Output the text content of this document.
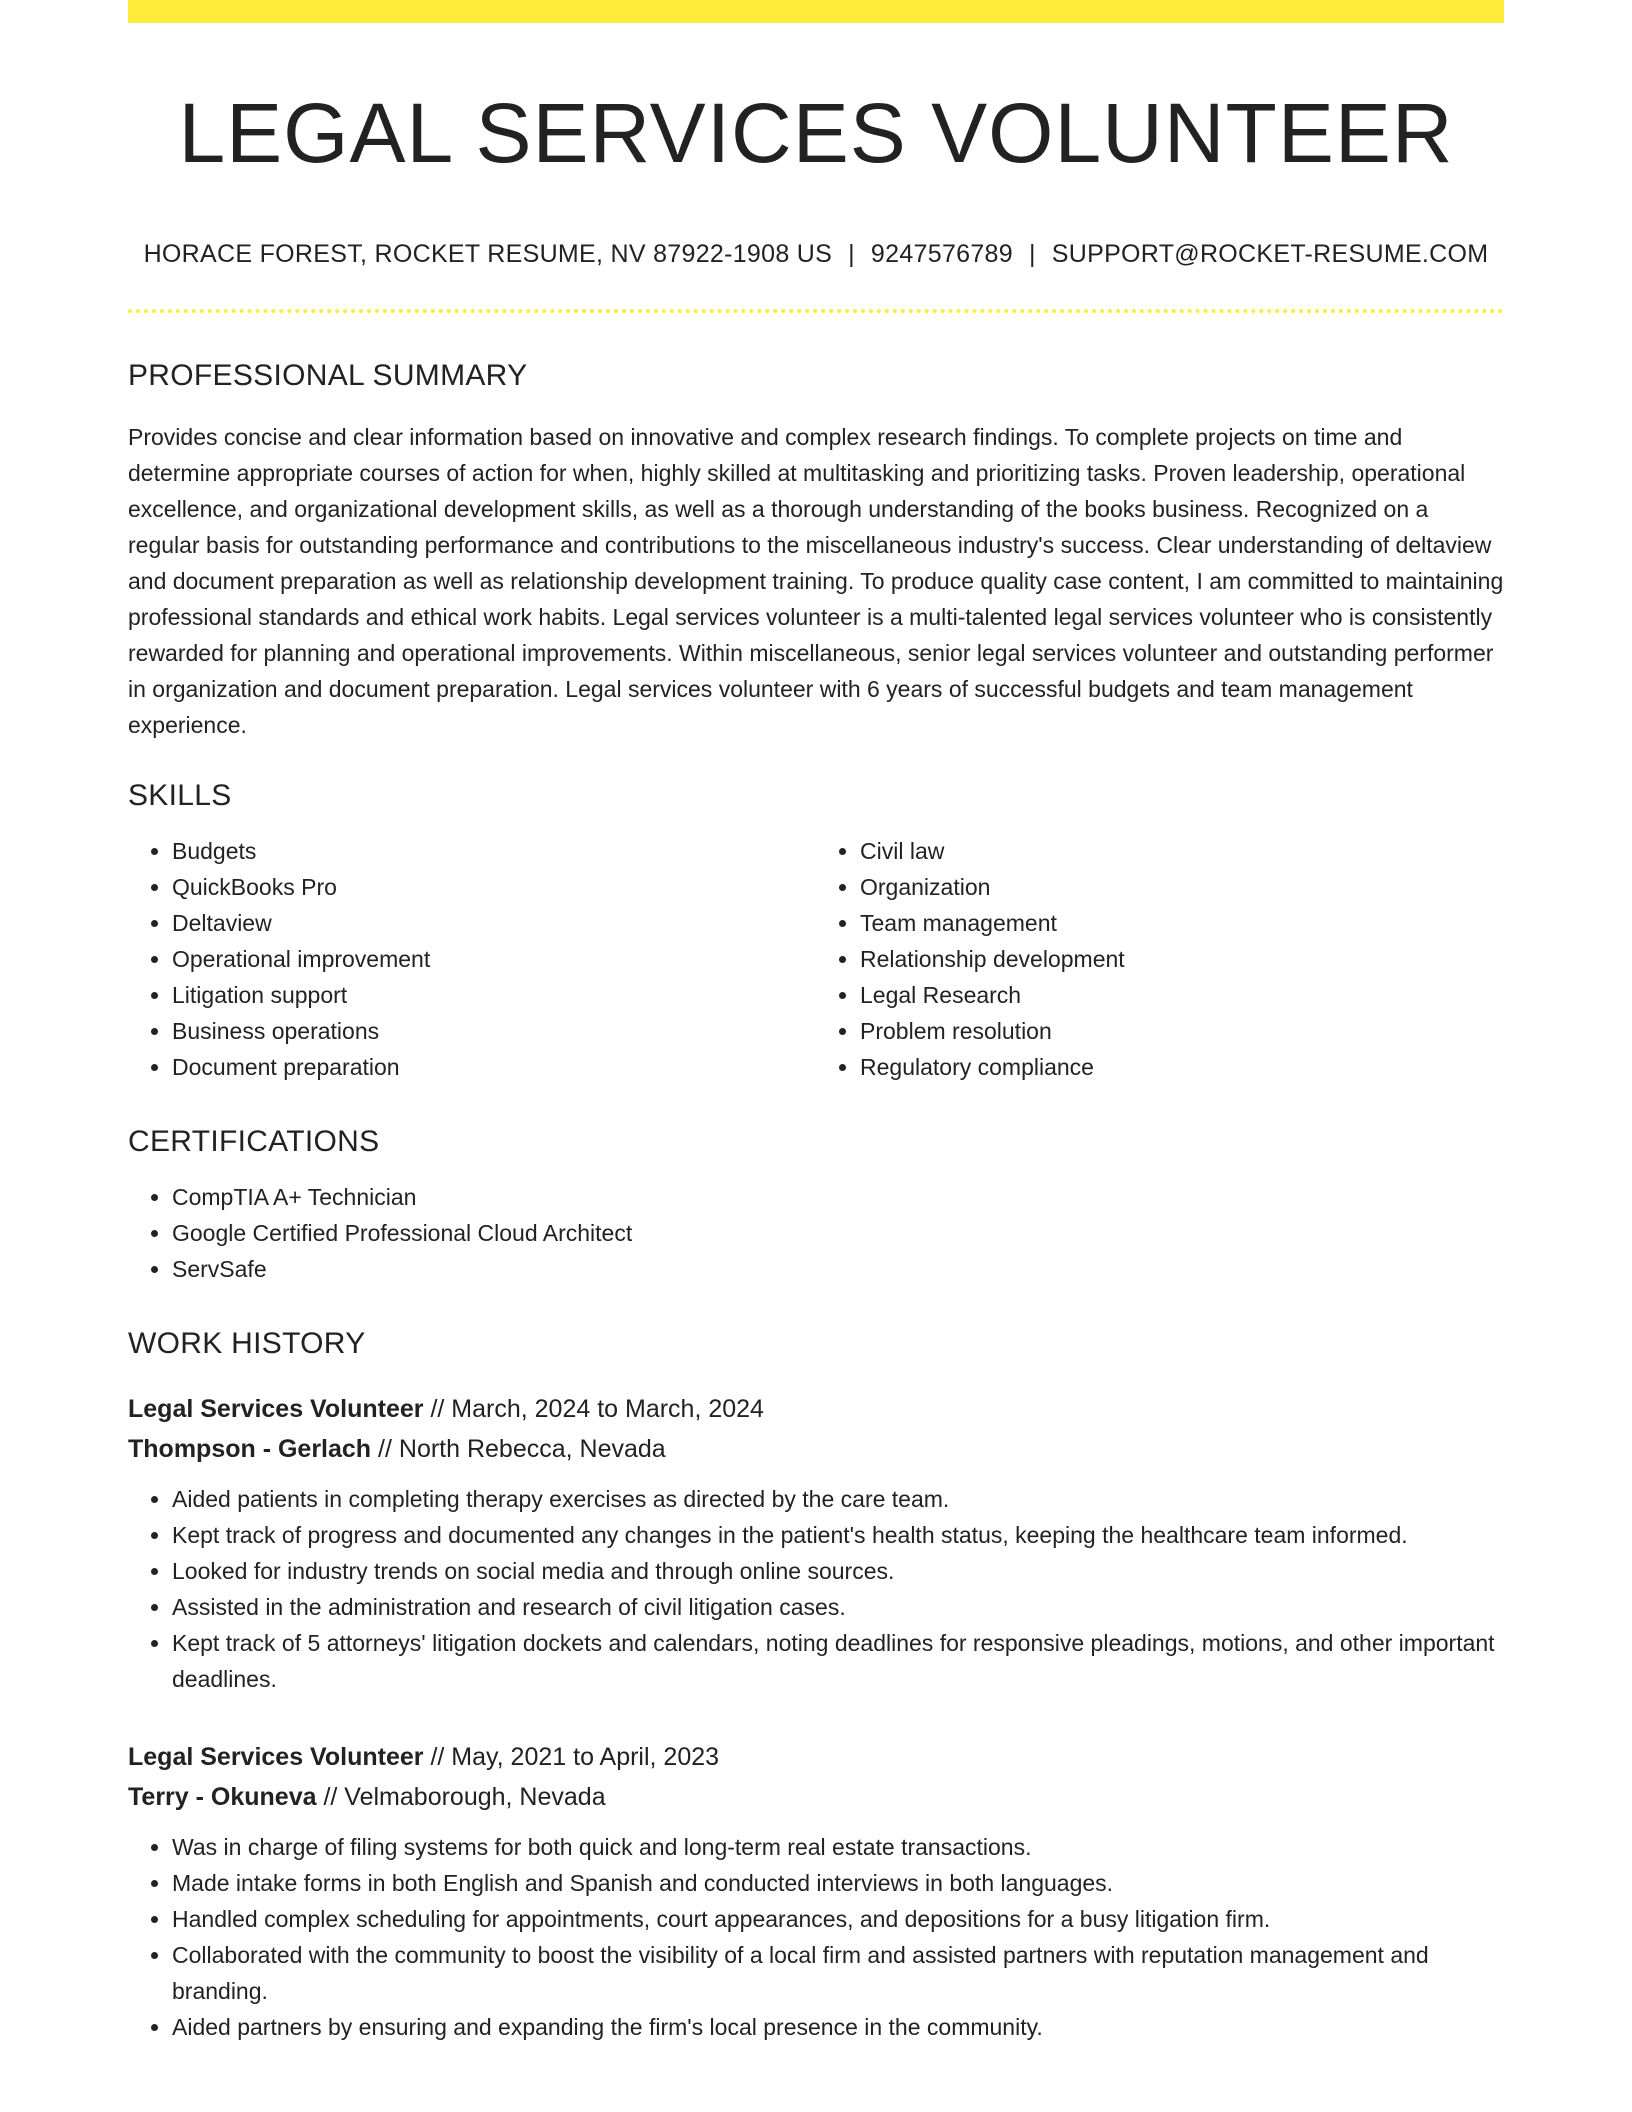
LEGAL SERVICES VOLUNTEER
HORACE FOREST, ROCKET RESUME, NV 87922-1908 US | 9247576789 | SUPPORT@ROCKET-RESUME.COM
PROFESSIONAL SUMMARY
Provides concise and clear information based on innovative and complex research findings. To complete projects on time and determine appropriate courses of action for when, highly skilled at multitasking and prioritizing tasks. Proven leadership, operational excellence, and organizational development skills, as well as a thorough understanding of the books business. Recognized on a regular basis for outstanding performance and contributions to the miscellaneous industry's success. Clear understanding of deltaview and document preparation as well as relationship development training. To produce quality case content, I am committed to maintaining professional standards and ethical work habits. Legal services volunteer is a multi-talented legal services volunteer who is consistently rewarded for planning and operational improvements. Within miscellaneous, senior legal services volunteer and outstanding performer in organization and document preparation. Legal services volunteer with 6 years of successful budgets and team management experience.
SKILLS
• Budgets
• QuickBooks Pro
• Deltaview
• Operational improvement
• Litigation support
• Business operations
• Document preparation
• Civil law
• Organization
• Team management
• Relationship development
• Legal Research
• Problem resolution
• Regulatory compliance
CERTIFICATIONS
• CompTIA A+ Technician
• Google Certified Professional Cloud Architect
• ServSafe
WORK HISTORY
Legal Services Volunteer // March, 2024 to March, 2024
Thompson - Gerlach // North Rebecca, Nevada
• Aided patients in completing therapy exercises as directed by the care team.
• Kept track of progress and documented any changes in the patient's health status, keeping the healthcare team informed.
• Looked for industry trends on social media and through online sources.
• Assisted in the administration and research of civil litigation cases.
• Kept track of 5 attorneys' litigation dockets and calendars, noting deadlines for responsive pleadings, motions, and other important deadlines.
Legal Services Volunteer // May, 2021 to April, 2023
Terry - Okuneva // Velmaborough, Nevada
• Was in charge of filing systems for both quick and long-term real estate transactions.
• Made intake forms in both English and Spanish and conducted interviews in both languages.
• Handled complex scheduling for appointments, court appearances, and depositions for a busy litigation firm.
• Collaborated with the community to boost the visibility of a local firm and assisted partners with reputation management and branding.
• Aided partners by ensuring and expanding the firm's local presence in the community.
